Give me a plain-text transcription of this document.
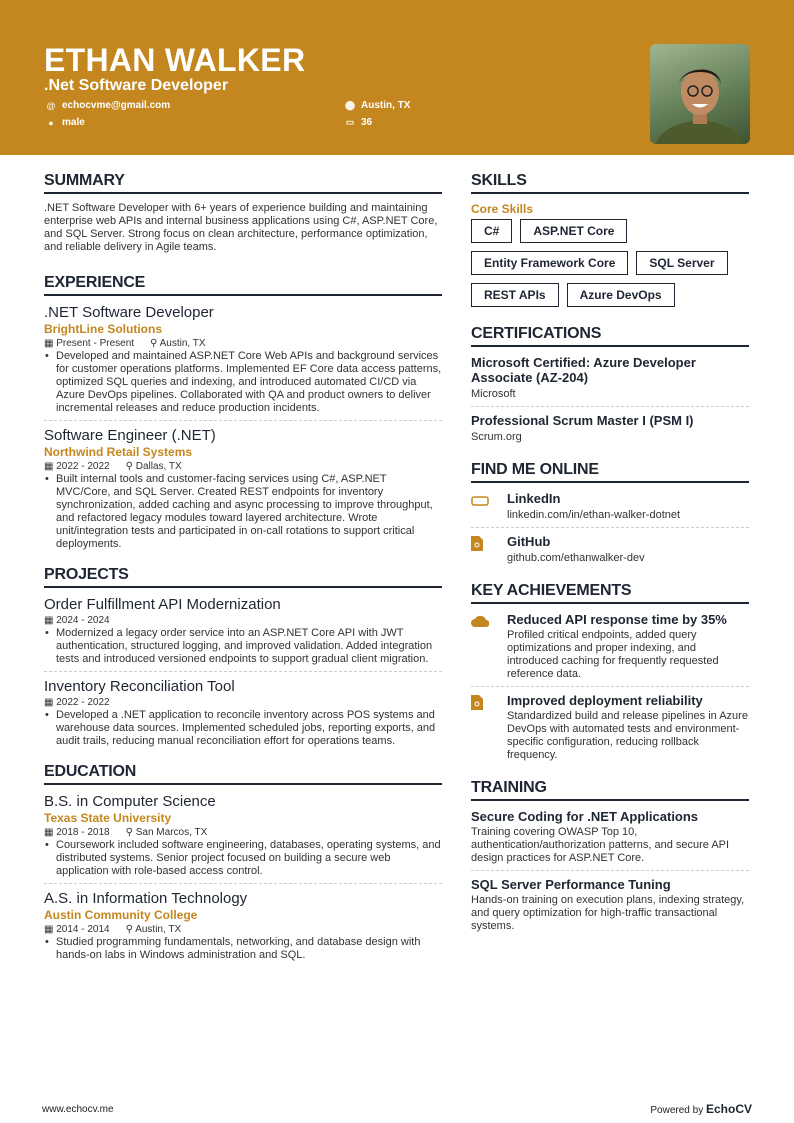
ETHAN WALKER
.Net Software Developer
@ echocvme@gmail.com
● male
⬤ Austin, TX
▭ 36
SUMMARY
.NET Software Developer with 6+ years of experience building and maintaining enterprise web APIs and internal business applications using C#, ASP.NET Core, and SQL Server. Strong focus on clean architecture, performance optimization, and reliable delivery in Agile teams.
EXPERIENCE
.NET Software Developer
BrightLine Solutions
▦ Present - Present ⚲ Austin, TX
• Developed and maintained ASP.NET Core Web APIs and background services for customer operations platforms. Implemented EF Core data access patterns, optimized SQL queries and indexing, and introduced automated CI/CD via Azure DevOps pipelines. Collaborated with QA and product owners to deliver incremental releases and reduce production incidents.
Software Engineer (.NET)
Northwind Retail Systems
▦ 2022 - 2022 ⚲ Dallas, TX
• Built internal tools and customer-facing services using C#, ASP.NET MVC/Core, and SQL Server. Created REST endpoints for inventory synchronization, added caching and async processing to improve throughput, and refactored legacy modules toward layered architecture. Wrote unit/integration tests and participated in on-call rotations to support critical deployments.
PROJECTS
Order Fulfillment API Modernization
▦ 2024 - 2024
• Modernized a legacy order service into an ASP.NET Core API with JWT authentication, structured logging, and improved validation. Added integration tests and introduced versioned endpoints to support gradual client migration.
Inventory Reconciliation Tool
▦ 2022 - 2022
• Developed a .NET application to reconcile inventory across POS systems and warehouse data sources. Implemented scheduled jobs, reporting exports, and audit trails, reducing manual reconciliation effort for operations teams.
EDUCATION
B.S. in Computer Science
Texas State University
▦ 2018 - 2018 ⚲ San Marcos, TX
• Coursework included software engineering, databases, operating systems, and distributed systems. Senior project focused on building a secure web application with role-based access control.
A.S. in Information Technology
Austin Community College
▦ 2014 - 2014 ⚲ Austin, TX
• Studied programming fundamentals, networking, and database design with hands-on labs in Windows administration and SQL.
SKILLS
Core Skills
C#	ASP.NET Core
Entity Framework Core	SQL Server
REST APIs	Azure DevOps
CERTIFICATIONS
Microsoft Certified: Azure Developer Associate (AZ-204)
Microsoft
Professional Scrum Master I (PSM I)
Scrum.org
FIND ME ONLINE
LinkedIn
linkedin.com/in/ethan-walker-dotnet
GitHub
github.com/ethanwalker-dev
KEY ACHIEVEMENTS
Reduced API response time by 35%
Profiled critical endpoints, added query optimizations and proper indexing, and introduced caching for frequently requested reference data.
Improved deployment reliability
Standardized build and release pipelines in Azure DevOps with automated tests and environment-specific configuration, reducing rollback frequency.
TRAINING
Secure Coding for .NET Applications
Training covering OWASP Top 10, authentication/authorization patterns, and secure API design practices for ASP.NET Core.
SQL Server Performance Tuning
Hands-on training on execution plans, indexing strategy, and query optimization for high-traffic transactional systems.
www.echocv.me	Powered by EchoCV
